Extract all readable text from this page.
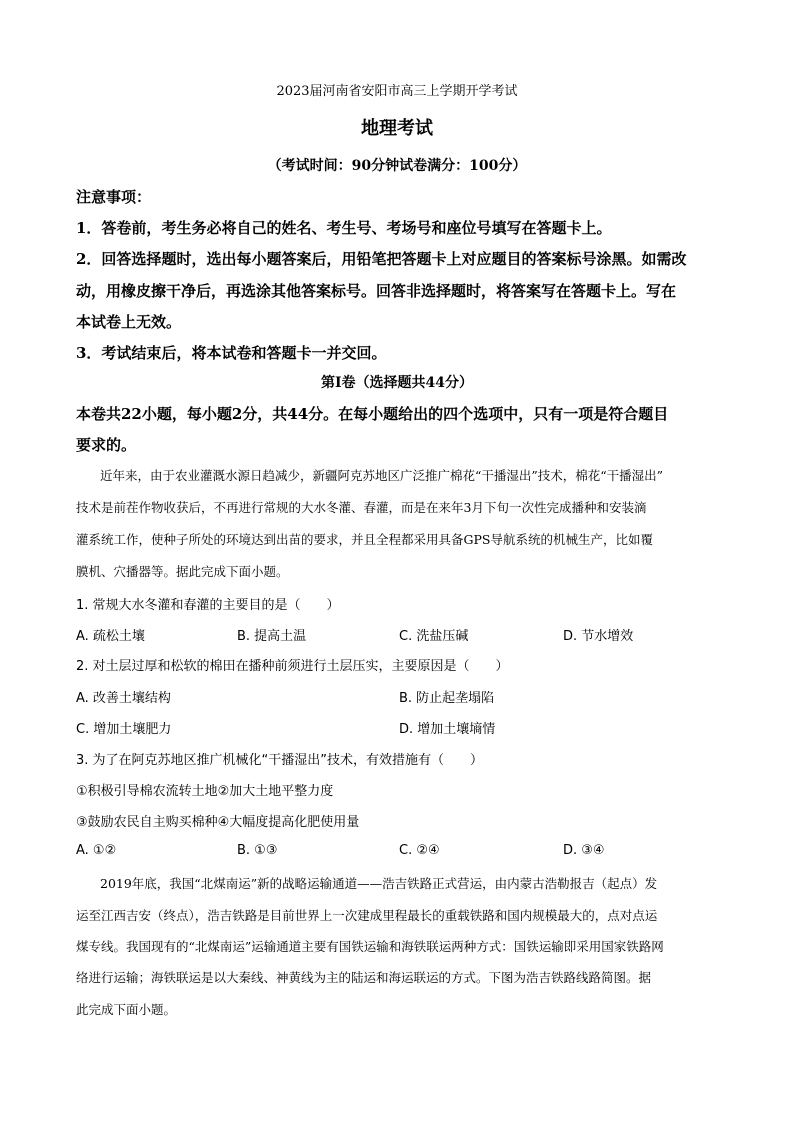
2023届河南省安阳市高三上学期开学考试
地理考试
（考试时间：90分钟试卷满分：100分）
注意事项：
1．答卷前，考生务必将自己的姓名、考生号、考场号和座位号填写在答题卡上。
2．回答选择题时，选出每小题答案后，用铅笔把答题卡上对应题目的答案标号涂黑。如需改
动，用橡皮擦干净后，再选涂其他答案标号。回答非选择题时，将答案写在答题卡上。写在
本试卷上无效。
3．考试结束后，将本试卷和答题卡一并交回。
第I卷（选择题共44分）
本卷共22小题，每小题2分，共44分。在每小题给出的四个选项中，只有一项是符合题目
要求的。
近年来，由于农业灌溉水源日趋减少，新疆阿克苏地区广泛推广棉花“干播湿出”技术，棉花“干播湿出”
技术是前茬作物收获后，不再进行常规的大水冬灌、春灌，而是在来年3月下旬一次性完成播种和安装滴
灌系统工作，使种子所处的环境达到出苗的要求，并且全程都采用具备GPS导航系统的机械生产，比如覆
膜机、穴播器等。据此完成下面小题。
1. 常规大水冬灌和春灌的主要目的是（　　）
A. 疏松土壤	B. 提高土温	C. 洗盐压碱	D. 节水增效
2. 对土层过厚和松软的棉田在播种前须进行土层压实，主要原因是（　　）
A. 改善土壤结构	B. 防止起垄塌陷
C. 增加土壤肥力	D. 增加土壤墒情
3. 为了在阿克苏地区推广机械化“干播湿出”技术，有效措施有（　　）
①积极引导棉农流转土地②加大土地平整力度
③鼓励农民自主购买棉种④大幅度提高化肥使用量
A. ①②	B. ①③	C. ②④	D. ③④
2019年底，我国“北煤南运”新的战略运输通道——浩吉铁路正式营运，由内蒙古浩勒报吉（起点）发
运至江西吉安（终点），浩吉铁路是目前世界上一次建成里程最长的重载铁路和国内规模最大的，点对点运
煤专线。我国现有的“北煤南运”运输通道主要有国铁运输和海铁联运两种方式：国铁运输即采用国家铁路网
络进行运输；海铁联运是以大秦线、神黄线为主的陆运和海运联运的方式。下图为浩吉铁路线路简图。据
此完成下面小题。
